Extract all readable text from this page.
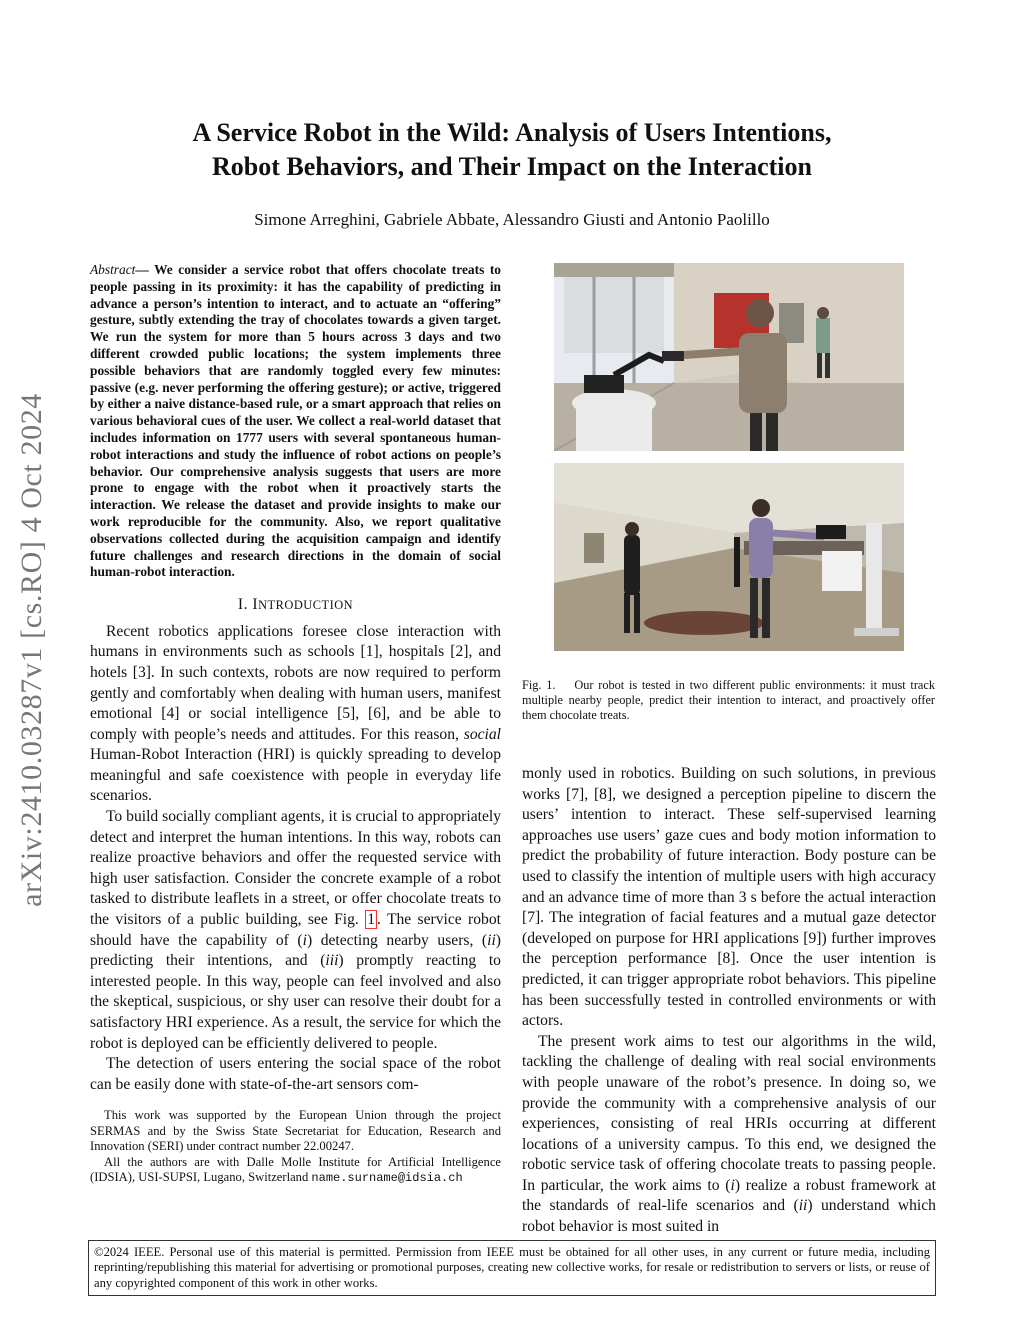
arXiv:2410.03287v1 [cs.RO] 4 Oct 2024
A Service Robot in the Wild: Analysis of Users Intentions,
Robot Behaviors, and Their Impact on the Interaction
Simone Arreghini, Gabriele Abbate, Alessandro Giusti and Antonio Paolillo
Abstract— We consider a service robot that offers chocolate treats to people passing in its proximity: it has the capability of predicting in advance a person’s intention to interact, and to actuate an “offering” gesture, subtly extending the tray of chocolates towards a given target. We run the system for more than 5 hours across 3 days and two different crowded public locations; the system implements three possible behaviors that are randomly toggled every few minutes: passive (e.g. never performing the offering gesture); or active, triggered by either a naive distance-based rule, or a smart approach that relies on various behavioral cues of the user. We collect a real-world dataset that includes information on 1777 users with several spontaneous human-robot interactions and study the influence of robot actions on people’s behavior. Our comprehensive analysis suggests that users are more prone to engage with the robot when it proactively starts the interaction. We release the dataset and provide insights to make our work reproducible for the community. Also, we report qualitative observations collected during the acquisition campaign and identify future challenges and research directions in the domain of social human-robot interaction.
I. INTRODUCTION

Recent robotics applications foresee close interaction with humans in environments such as schools [1], hospitals [2], and hotels [3]. In such contexts, robots are now required to perform gently and comfortably when dealing with human users, manifest emotional [4] or social intelligence [5], [6], and be able to comply with people’s needs and attitudes. For this reason, social Human-Robot Interaction (HRI) is quickly spreading to develop meaningful and safe coexistence with people in everyday life scenarios.

To build socially compliant agents, it is crucial to appropriately detect and interpret the human intentions. In this way, robots can realize proactive behaviors and offer the requested service with high user satisfaction. Consider the concrete example of a robot tasked to distribute leaflets in a street, or offer chocolate treats to the visitors of a public building, see Fig. 1 . The service robot should have the capability of (i) detecting nearby users, (ii) predicting their intentions, and (iii) promptly reacting to interested people. In this way, people can feel involved and also the skeptical, suspicious, or shy user can resolve their doubt for a satisfactory HRI experience. As a result, the service for which the robot is deployed can be efficiently delivered to people.

The detection of users entering the social space of the robot can be easily done with state-of-the-art sensors com-

This work was supported by the European Union through the project SERMAS and by the Swiss State Secretariat for Education, Research and Innovation (SERI) under contract number 22.00247.

All the authors are with Dalle Molle Institute for Artificial Intelligence (IDSIA), USI-SUPSI, Lugano, Switzerland name.surname@idsia.ch

Fig. 1. Our robot is tested in two different public environments: it must track multiple nearby people, predict their intention to interact, and proactively offer them chocolate treats.

monly used in robotics. Building on such solutions, in previous works [7], [8], we designed a perception pipeline to discern the users’ intention to interact. These self-supervised learning approaches use users’ gaze cues and body motion information to predict the probability of future interaction. Body posture can be used to classify the intention of multiple users with high accuracy and an advance time of more than 3 s before the actual interaction [7]. The integration of facial features and a mutual gaze detector (developed on purpose for HRI applications [9]) further improves the perception performance [8]. Once the user intention is predicted, it can trigger appropriate robot behaviors. This pipeline has been successfully tested in controlled environments or with actors.

The present work aims to test our algorithms in the wild, tackling the challenge of dealing with real social environments with people unaware of the robot’s presence. In doing so, we provide the community with a comprehensive analysis of our experiences, consisting of real HRIs occurring at different locations of a university campus. To this end, we designed the robotic service task of offering chocolate treats to passing people. In particular, the work aims to (i) realize a robust framework at the standards of real-life scenarios and (ii) understand which robot behavior is most suited in

©2024 IEEE. Personal use of this material is permitted. Permission from IEEE must be obtained for all other uses, in any current or future media, including reprinting/republishing this material for advertising or promotional purposes, creating new collective works, for resale or redistribution to servers or lists, or reuse of any copyrighted component of this work in other works.
